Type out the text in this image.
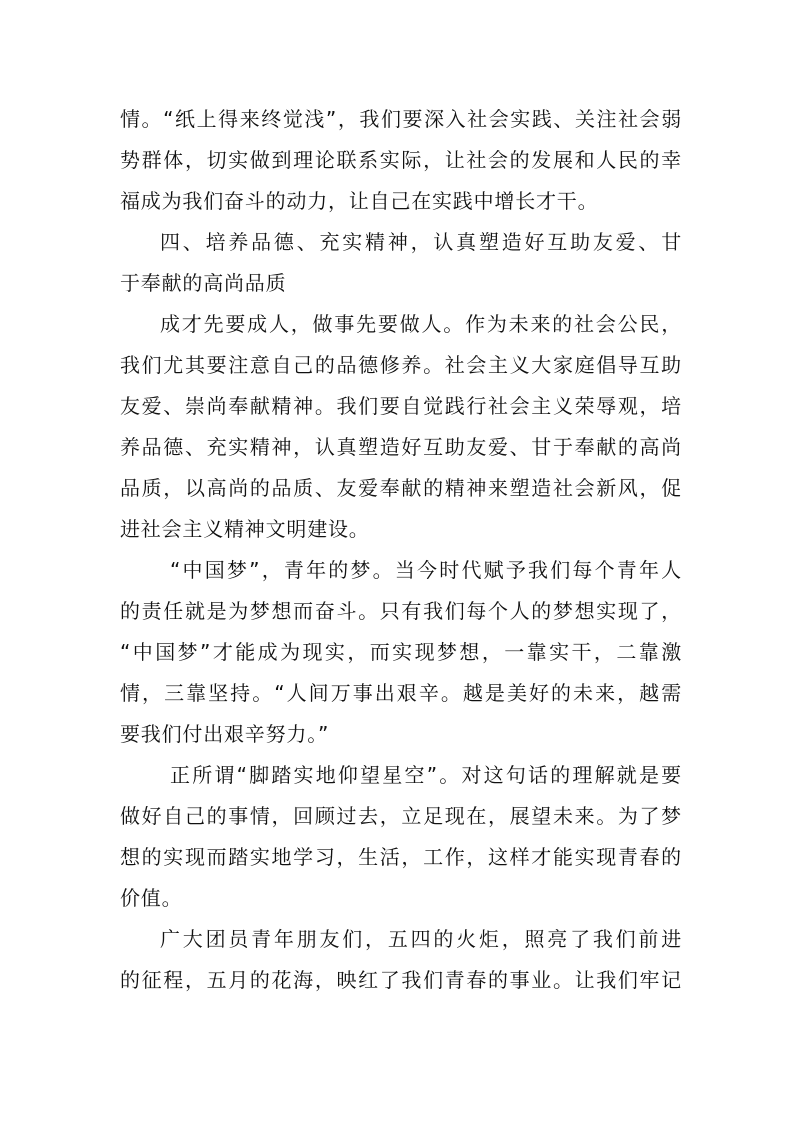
情。“纸上得来终觉浅”，我们要深入社会实践、关注社会弱
势群体，切实做到理论联系实际，让社会的发展和人民的幸
福成为我们奋斗的动力，让自己在实践中增长才干。
四、培养品德、充实精神，认真塑造好互助友爱、甘
于奉献的高尚品质
成才先要成人，做事先要做人。作为未来的社会公民，
我们尤其要注意自己的品德修养。社会主义大家庭倡导互助
友爱、崇尚奉献精神。我们要自觉践行社会主义荣辱观，培
养品德、充实精神，认真塑造好互助友爱、甘于奉献的高尚
品质，以高尚的品质、友爱奉献的精神来塑造社会新风，促
进社会主义精神文明建设。
“中国梦”，青年的梦。当今时代赋予我们每个青年人
的责任就是为梦想而奋斗。只有我们每个人的梦想实现了，
“中国梦”才能成为现实，而实现梦想，一靠实干，二靠激
情，三靠坚持。“人间万事出艰辛。越是美好的未来，越需
要我们付出艰辛努力。”
正所谓“脚踏实地仰望星空”。对这句话的理解就是要
做好自己的事情，回顾过去，立足现在，展望未来。为了梦
想的实现而踏实地学习，生活，工作，这样才能实现青春的
价值。
广大团员青年朋友们，五四的火炬，照亮了我们前进
的征程，五月的花海，映红了我们青春的事业。让我们牢记
